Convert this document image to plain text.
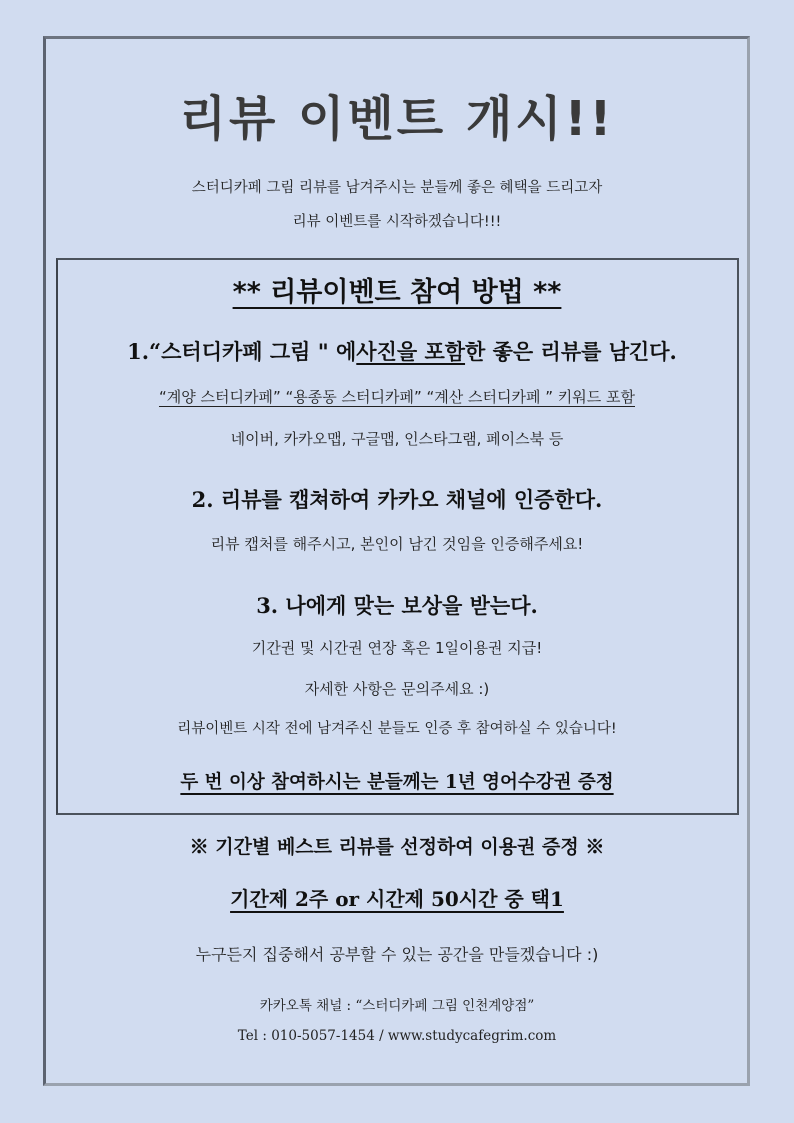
리뷰 이벤트 개시!!
스터디카페 그림 리뷰를 남겨주시는 분들께 좋은 혜택을 드리고자
리뷰 이벤트를 시작하겠습니다!!!
** 리뷰이벤트 참여 방법 **
1.“스터디카페 그림 " 에사진을 포함한 좋은 리뷰를 남긴다.
“계양 스터디카페” “용종동 스터디카페” “계산 스터디카페 ” 키워드 포함
네이버, 카카오맵, 구글맵, 인스타그램, 페이스북 등
2. 리뷰를 캡쳐하여 카카오 채널에 인증한다.
리뷰 캡처를 해주시고, 본인이 남긴 것임을 인증해주세요!
3. 나에게 맞는 보상을 받는다.
기간권 및 시간권 연장 혹은 1일이용권 지급!
자세한 사항은 문의주세요 :)
리뷰이벤트 시작 전에 남겨주신 분들도 인증 후 참여하실 수 있습니다!
두 번 이상 참여하시는 분들께는 1년 영어수강권 증정
※ 기간별 베스트 리뷰를 선정하여 이용권 증정 ※
기간제 2주 or 시간제 50시간 중 택1
누구든지 집중해서 공부할 수 있는 공간을 만들겠습니다 :)
카카오톡 채널 : “스터디카페 그림 인천계양점”
Tel : 010-5057-1454 / www.studycafegrim.com
